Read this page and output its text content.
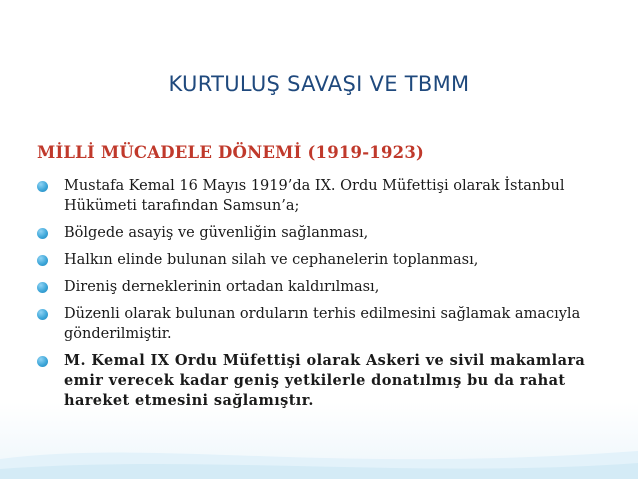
KURTULUŞ SAVAŞI VE TBMM
MİLLİ MÜCADELE DÖNEMİ (1919-1923)
Mustafa Kemal 16 Mayıs 1919’da IX. Ordu Müfettişi olarak İstanbul Hükümeti tarafından Samsun’a;
Bölgede asayiş ve güvenliğin sağlanması,
Halkın elinde bulunan silah ve cephanelerin toplanması,
Direniş derneklerinin ortadan kaldırılması,
Düzenli olarak bulunan orduların terhis edilmesini sağlamak amacıyla gönderilmiştir.
M. Kemal IX Ordu Müfettişi olarak Askeri ve sivil makamlara emir verecek kadar geniş yetkilerle donatılmış bu da rahat hareket etmesini sağlamıştır.
